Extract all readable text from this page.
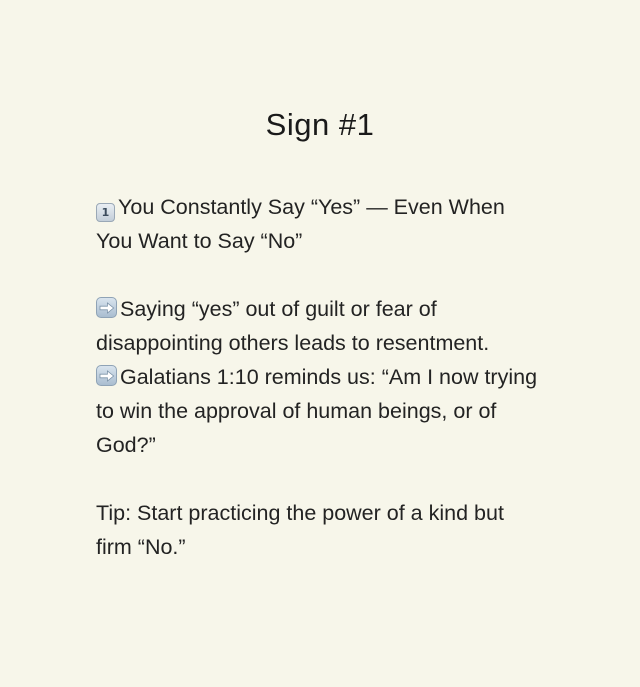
Sign #1

1 You Constantly Say “Yes” — Even When You Want to Say “No”

Saying “yes” out of guilt or fear of disappointing others leads to resentment.

Galatians 1:10 reminds us: “Am I now trying to win the approval of human beings, or of God?”

Tip: Start practicing the power of a kind but firm “No.”
